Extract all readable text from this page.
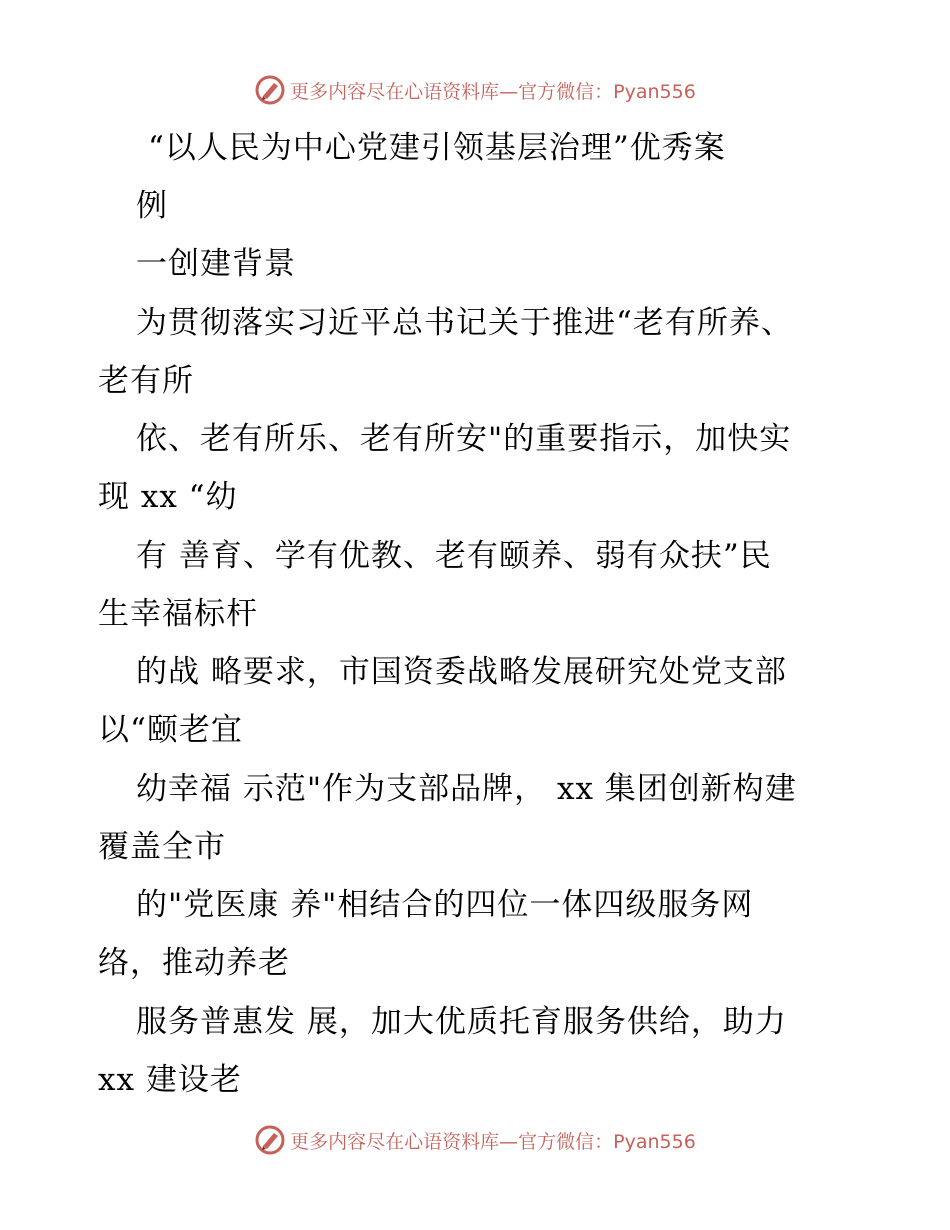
更多内容尽在心语资料库—官方微信：Pyan556
“以人民为中心党建引领基层治理”优秀案
例
一创建背景
为贯彻落实习近平总书记关于推进“老有所养、
老有所
依、老有所乐、老有所安"的重要指示，加快实
现 xx “幼
有 善育、学有优教、老有颐养、弱有众扶”民
生幸福标杆
的战 略要求，市国资委战略发展研究处党支部
以“颐老宜
幼幸福 示范"作为支部品牌， xx 集团创新构建
覆盖全市
的"党医康 养"相结合的四位一体四级服务网
络，推动养老
服务普惠发 展，加大优质托育服务供给，助力
xx 建设老
更多内容尽在心语资料库—官方微信：Pyan556
